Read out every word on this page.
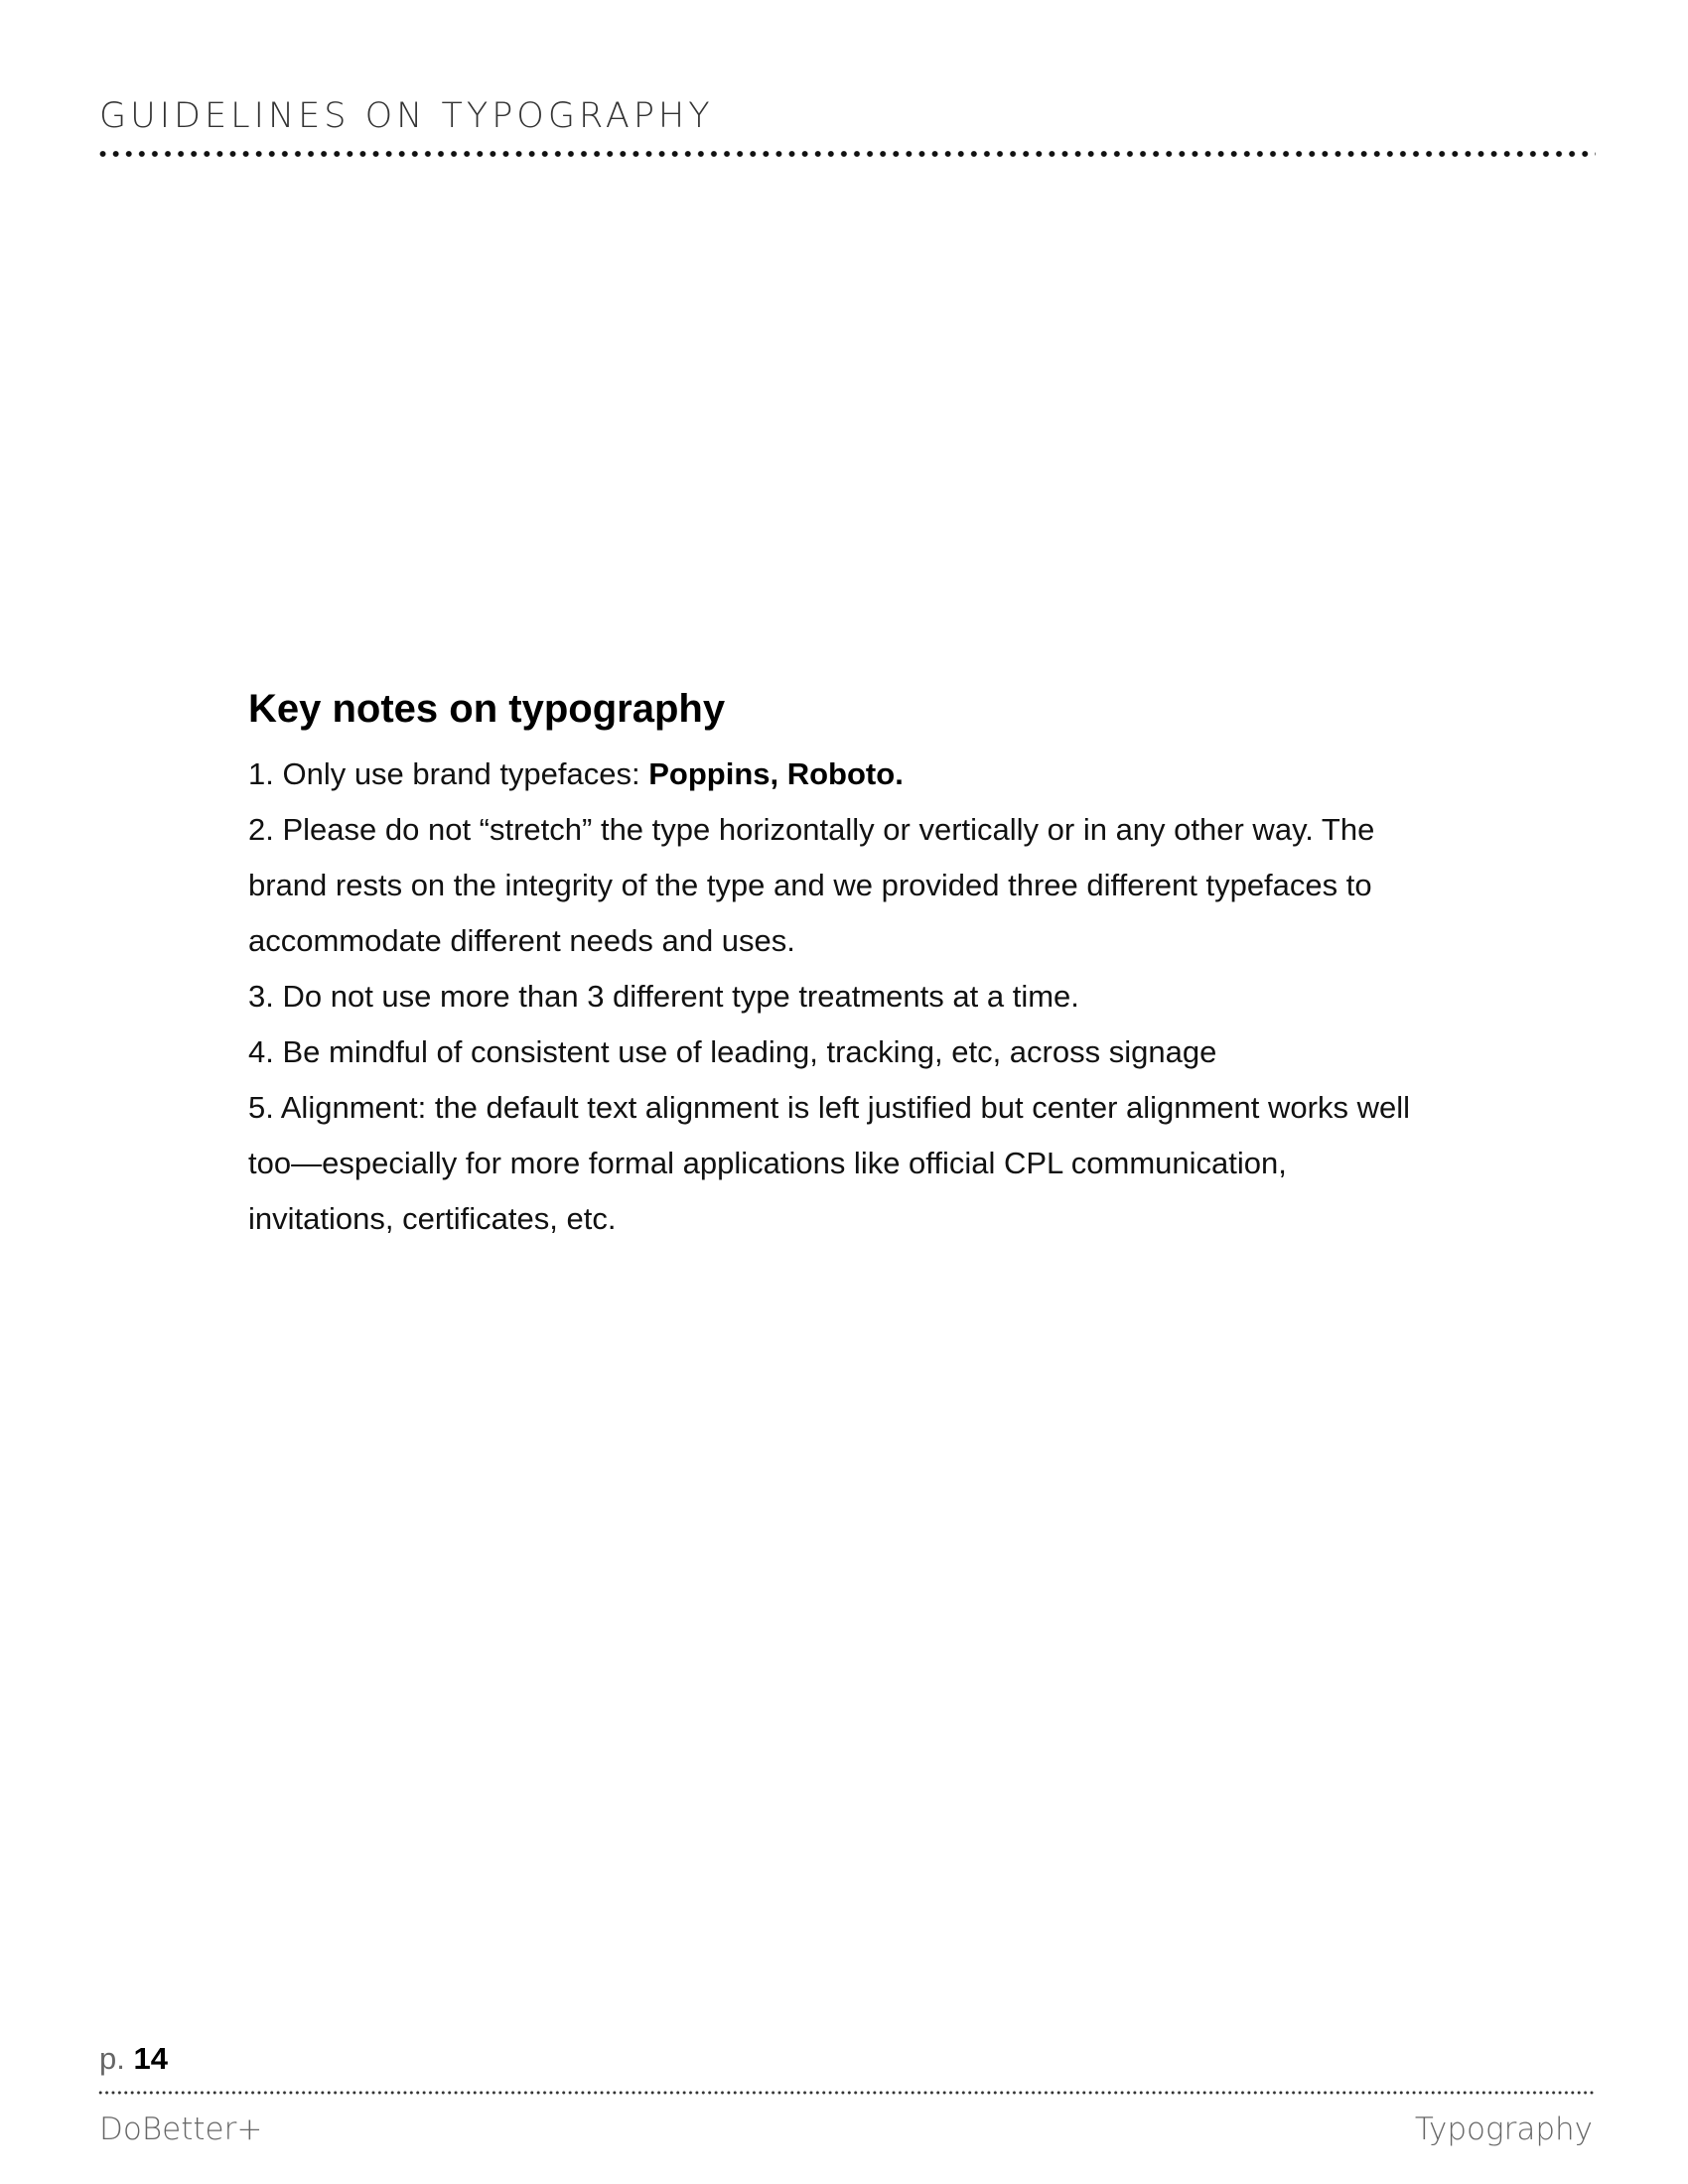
GUIDELINES ON TYPOGRAPHY
Key notes on typography
1. Only use brand typefaces: Poppins, Roboto.
2. Please do not “stretch” the type horizontally or vertically or in any other way. The brand rests on the integrity of the type and we provided three different typefaces to accommodate different needs and uses.
3. Do not use more than 3 different type treatments at a time.
4. Be mindful of consistent use of leading, tracking, etc, across signage
5. Alignment: the default text alignment is left justified but center alignment works well too—especially for more formal applications like official CPL communication, invitations, certificates, etc.
p. 14
DoBetter+	Typography
